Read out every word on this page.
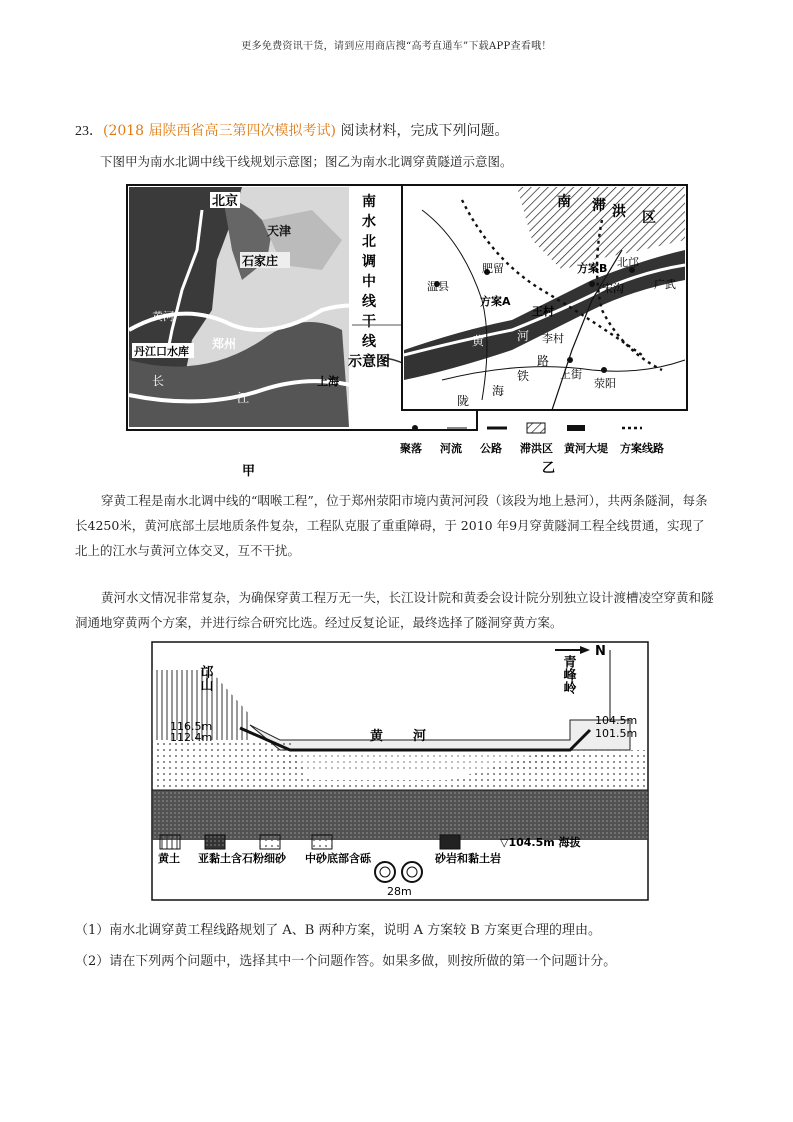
更多免费资讯干货，请到应用商店搜“高考直通车”下载APP查看哦！
23．(2018 届陕西省高三第四次模拟考试) 阅读材料，完成下列问题。
下图甲为南水北调中线干线规划示意图；图乙为南水北调穿黄隧道示意图。
南
水
北
调
中
线
干
线
示意图
北京
天津
石家庄
郑州
黄河
丹江口水库
长
江
上海
甲
南 滞 洪 区
温县
肥留	方案B 北邙
广武
宋沟
方案A
王村
李村
黄	河
陇
海
铁
路
上街
荥阳
乙
聚落 河流 公路 滞洪区 黄河大堤 方案线路
穿黄工程是南水北调中线的“咽喉工程”，位于郑州荥阳市境内黄河河段（该段为地上悬河），共两条隧洞，每条长4250米，黄河底部土层地质条件复杂，工程队克服了重重障碍，于 2010 年9月穿黄隧洞工程全线贯通，实现了北上的江水与黄河立体交叉，互不干扰。
黄河水文情况非常复杂，为确保穿黄工程万无一失，长江设计院和黄委会设计院分别独立设计渡槽凌空穿黄和隧洞通地穿黄两个方案，并进行综合研究比选。经过反复论证，最终选择了隧洞穿黄方案。
N
邙山	青峰岭
黄河
116.5m
112.4m
104.5m
101.5m
黄土 亚黏土含石 粉细砂 中砂底部含砾	砂岩和黏土岩
▽104.5m 海拔
28m
（1）南水北调穿黄工程线路规划了 A、B 两种方案，说明 A 方案较 B 方案更合理的理由。
（2）请在下列两个问题中，选择其中一个问题作答。如果多做，则按所做的第一个问题计分。
